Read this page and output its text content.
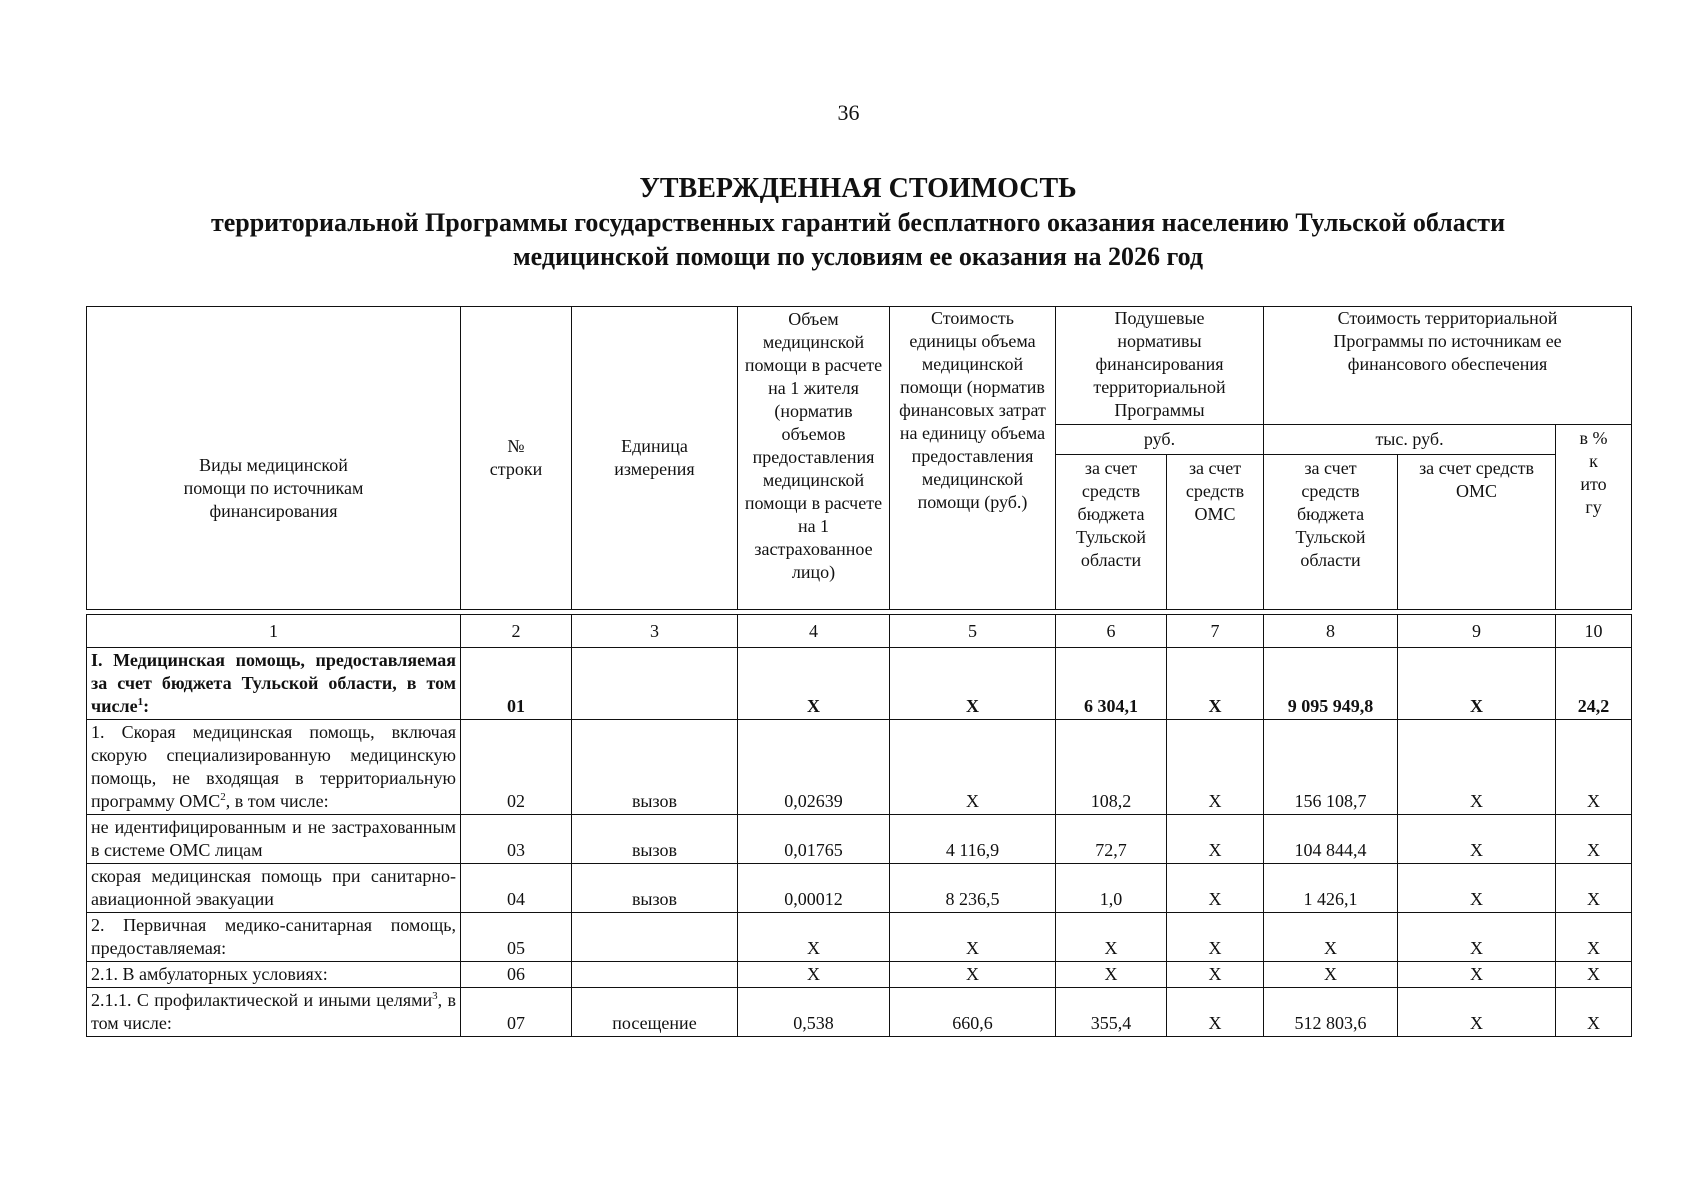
36
УТВЕРЖДЕННАЯ СТОИМОСТЬ
территориальной Программы государственных гарантий бесплатного оказания населению Тульской области
медицинской помощи по условиям ее оказания на 2026 год
Виды медицинской помощи по источникам финансирования	№ строки	Единица измерения	Объем медицинской помощи в расчете на 1 жителя (норматив объемов предоставления медицинской помощи в расчете на 1 застрахованное лицо)	Стоимость единицы объема медицинской помощи (норматив финансовых затрат на единицу объема предоставления медицинской помощи (руб.)	Подушевые нормативы финансирования территориальной Программы		Стоимость территориальной Программы по источникам ее финансового обеспечения		
					руб.		тыс. руб.		в % к итогу
					за счет средств бюджета Тульской области	за счет средств ОМС	за счет средств бюджета Тульской области	за счет средств ОМС	

1	2	3	4	5	6	7	8	9	10
I. Медицинская помощь, предоставляемая за счет бюджета Тульской области, в том числе$^1$:	01		Х	Х	6 304,1	Х	9 095 949,8	Х	24,2
1. Скорая медицинская помощь, включая скорую специализированную медицинскую помощь, не входящая в территориальную программу ОМС$^2$, в том числе:	02	вызов	0,02639	Х	108,2	Х	156 108,7	Х	Х
не идентифицированным и не застрахованным в системе ОМС лицам	03	вызов	0,01765	4 116,9	72,7	Х	104 844,4	Х	Х
скорая медицинская помощь при санитарно-авиационной эвакуации	04	вызов	0,00012	8 236,5	1,0	Х	1 426,1	Х	Х
2. Первичная медико-санитарная помощь, предоставляемая:	05		Х	Х	Х	Х	Х	Х	Х
2.1. В амбулаторных условиях:	06		Х	Х	Х	Х	Х	Х	Х
2.1.1. С профилактической и иными целями$^3$, в том числе:	07	посещение	0,538	660,6	355,4	Х	512 803,6	Х	Х
